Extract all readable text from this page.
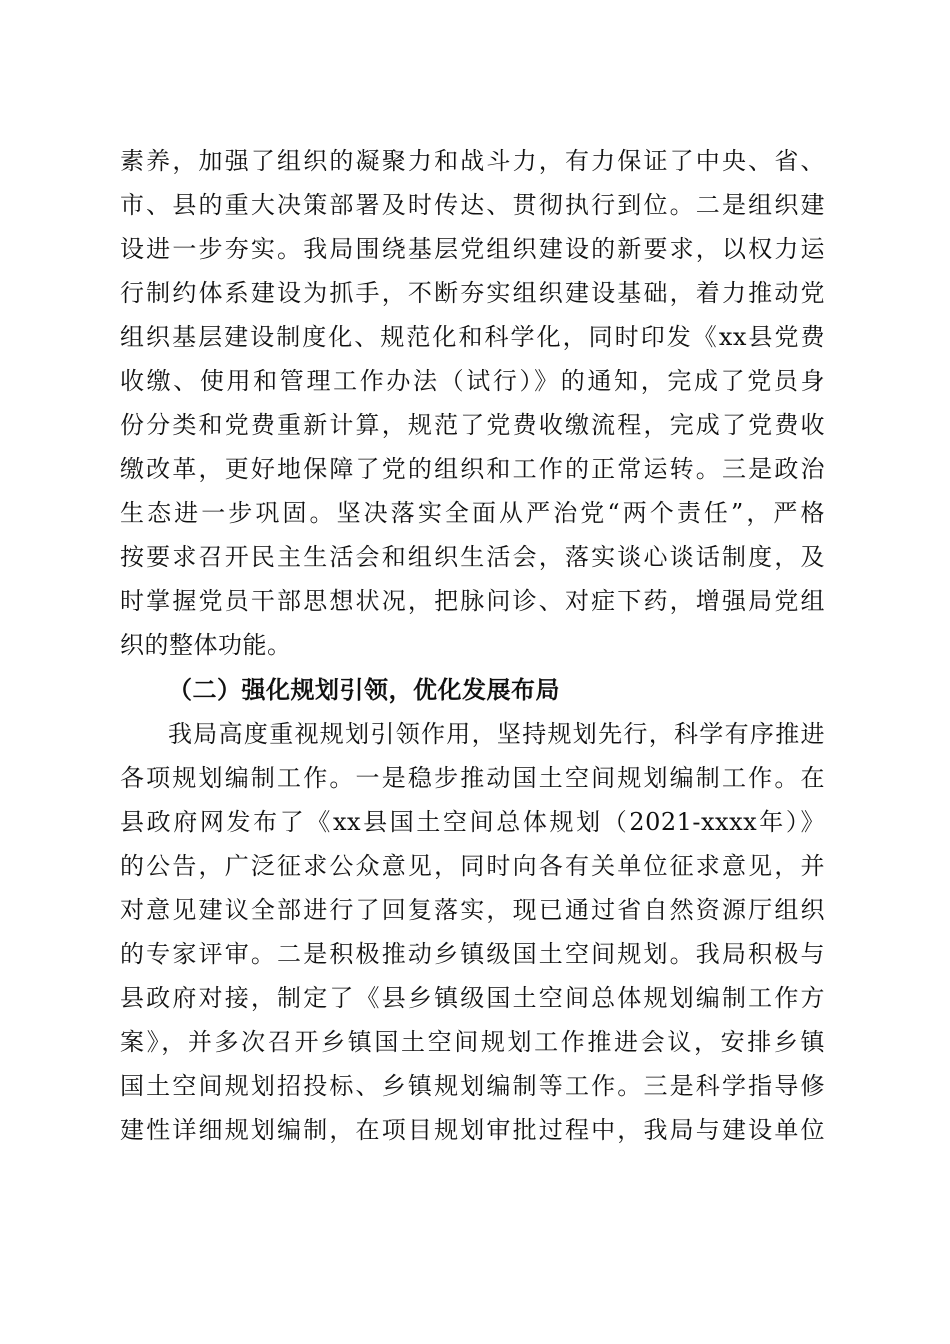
素养，加强了组织的凝聚力和战斗力，有力保证了中央、省、
市、县的重大决策部署及时传达、贯彻执行到位。二是组织建
设进一步夯实。我局围绕基层党组织建设的新要求，以权力运
行制约体系建设为抓手，不断夯实组织建设基础，着力推动党
组织基层建设制度化、规范化和科学化，同时印发《xx县党费
收缴、使用和管理工作办法（试行）》的通知，完成了党员身
份分类和党费重新计算，规范了党费收缴流程，完成了党费收
缴改革，更好地保障了党的组织和工作的正常运转。三是政治
生态进一步巩固。坚决落实全面从严治党“两个责任”，严格
按要求召开民主生活会和组织生活会，落实谈心谈话制度，及
时掌握党员干部思想状况，把脉问诊、对症下药，增强局党组
织的整体功能。
（二）强化规划引领，优化发展布局
我局高度重视规划引领作用，坚持规划先行，科学有序推进
各项规划编制工作。一是稳步推动国土空间规划编制工作。在
县政府网发布了《xx县国土空间总体规划（2021-xxxx年）》
的公告，广泛征求公众意见，同时向各有关单位征求意见，并
对意见建议全部进行了回复落实，现已通过省自然资源厅组织
的专家评审。二是积极推动乡镇级国土空间规划。我局积极与
县政府对接，制定了《县乡镇级国土空间总体规划编制工作方
案》，并多次召开乡镇国土空间规划工作推进会议，安排乡镇
国土空间规划招投标、乡镇规划编制等工作。三是科学指导修
建性详细规划编制，在项目规划审批过程中，我局与建设单位
